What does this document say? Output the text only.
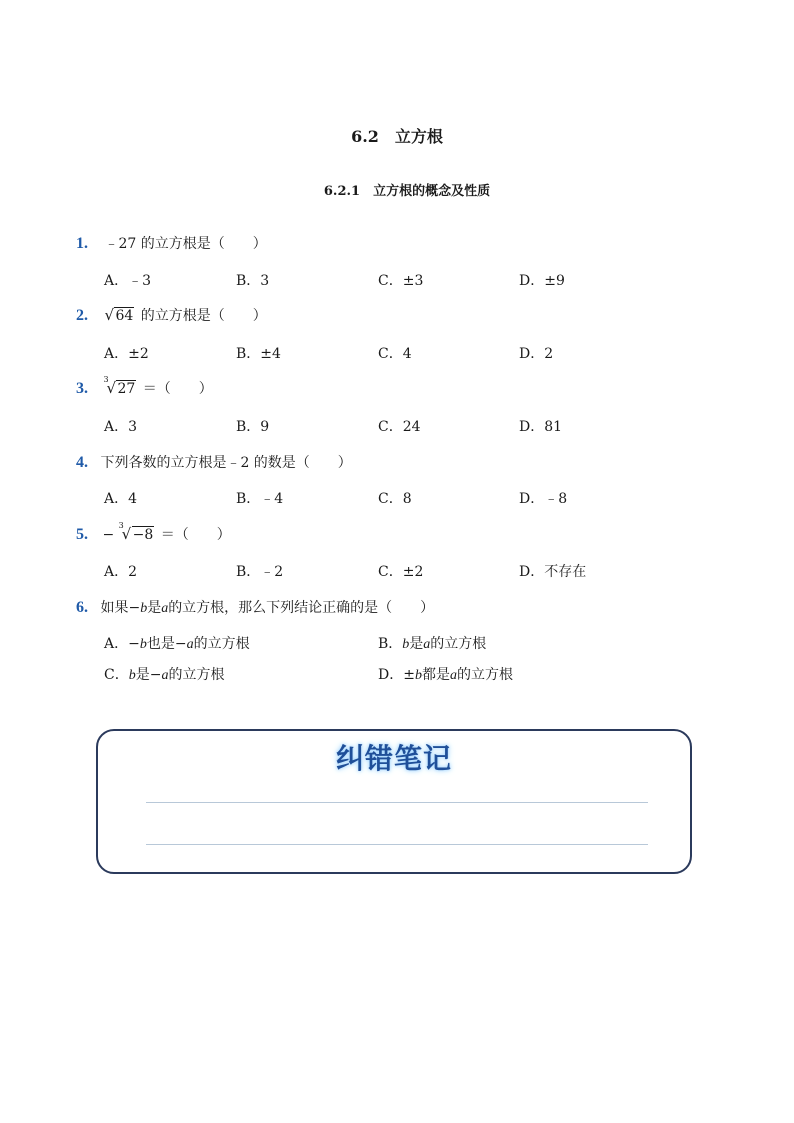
6.2　立方根
6.2.1　立方根的概念及性质
1. ﹣27 的立方根是（　　）
A．﹣3	B．3	C．±3	D．±9
2. √ 64 的立方根是（　　）
A．±2	B．±4	C．4	D．2
3.
3
√ 27 ＝（　　）
A．3	B．9	C．24	D．81
4. 下列各数的立方根是﹣2 的数是（　　）
A．4	B．﹣4	C．8	D．﹣8
5. −
3
√ −8 ＝（　　）
A．2	B．﹣2	C．±2	D．不存在
6. 如果−b是a的立方根，那么下列结论正确的是（　　）
A．−b也是−a的立方根	B．b是a的立方根
C．b是−a的立方根	D．±b都是a的立方根
纠错笔记
